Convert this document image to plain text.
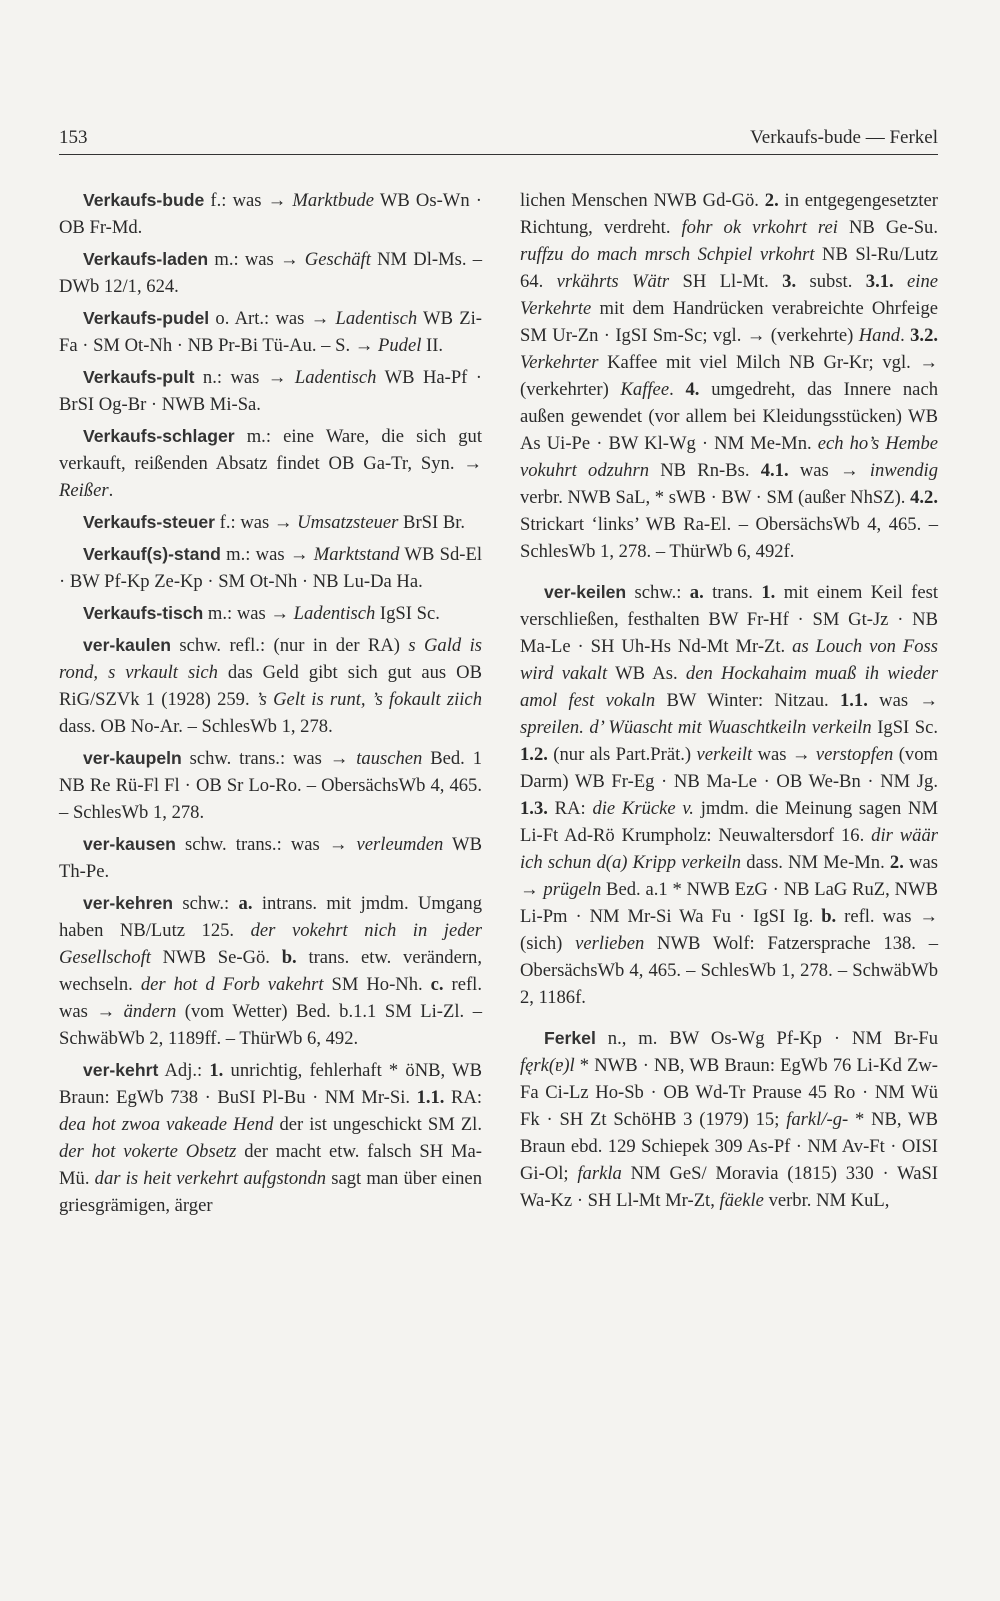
153	Verkaufs-bude — Ferkel

Verkaufs-bude f.: was → Marktbude WB Os-Wn · OB Fr-Md.

Verkaufs-laden m.: was → Geschäft NM Dl-Ms. – DWb 12/1, 624.

Verkaufs-pudel o. Art.: was → Ladentisch WB Zi-Fa · SM Ot-Nh · NB Pr-Bi Tü-Au. – S. → Pudel II.

Verkaufs-pult n.: was → Ladentisch WB Ha-Pf · BrSI Og-Br · NWB Mi-Sa.

Verkaufs-schlager m.: eine Ware, die sich gut verkauft, reißenden Absatz findet OB Ga-Tr, Syn. → Reißer.

Verkaufs-steuer f.: was → Umsatzsteuer BrSI Br.

Verkauf(s)-stand m.: was → Marktstand WB Sd-El · BW Pf-Kp Ze-Kp · SM Ot-Nh · NB Lu-Da Ha.

Verkaufs-tisch m.: was → Ladentisch IgSI Sc.

ver-kaulen schw. refl.: (nur in der RA) s Gald is rond, s vrkault sich das Geld gibt sich gut aus OB RiG/SZVk 1 (1928) 259. ’s Gelt is runt, ’s fokault ziich dass. OB No-Ar. – SchlesWb 1, 278.

ver-kaupeln schw. trans.: was → tauschen Bed. 1 NB Re Rü-Fl Fl · OB Sr Lo-Ro. – ObersächsWb 4, 465. – SchlesWb 1, 278.

ver-kausen schw. trans.: was → verleumden WB Th-Pe.

ver-kehren schw.: a. intrans. mit jmdm. Umgang haben NB/Lutz 125. der vokehrt nich in jeder Gesellschoft NWB Se-Gö. b. trans. etw. verändern, wechseln. der hot d Forb vakehrt SM Ho-Nh. c. refl. was → ändern (vom Wetter) Bed. b.1.1 SM Li-Zl. – SchwäbWb 2, 1189ff. – ThürWb 6, 492.

ver-kehrt Adj.: 1. unrichtig, fehlerhaft * öNB, WB Braun: EgWb 738 · BuSI Pl-Bu · NM Mr-Si. 1.1. RA: dea hot zwoa vakeade Hend der ist ungeschickt SM Zl. der hot vokerte Obsetz der macht etw. falsch SH Ma-Mü. dar is heit verkehrt aufgstondn sagt man über einen griesgrämigen, ärger

lichen Menschen NWB Gd-Gö. 2. in entgegengesetzter Richtung, verdreht. fohr ok vrkohrt rei NB Ge-Su. ruffzu do mach mrsch Schpiel vrkohrt NB Sl-Ru/Lutz 64. vrkährts Wätr SH Ll-Mt. 3. subst. 3.1. eine Verkehrte mit dem Handrücken verabreichte Ohrfeige SM Ur-Zn · IgSI Sm-Sc; vgl. → (verkehrte) Hand. 3.2. Verkehrter Kaffee mit viel Milch NB Gr-Kr; vgl. → (verkehrter) Kaffee. 4. umgedreht, das Innere nach außen gewendet (vor allem bei Kleidungsstücken) WB As Ui-Pe · BW Kl-Wg · NM Me-Mn. ech ho’s Hembe vokuhrt odzuhrn NB Rn-Bs. 4.1. was → inwendig verbr. NWB SaL, * sWB · BW · SM (außer NhSZ). 4.2. Strickart ‘links’ WB Ra-El. – ObersächsWb 4, 465. – SchlesWb 1, 278. – ThürWb 6, 492f.

ver-keilen schw.: a. trans. 1. mit einem Keil fest verschließen, festhalten BW Fr-Hf · SM Gt-Jz · NB Ma-Le · SH Uh-Hs Nd-Mt Mr-Zt. as Louch von Foss wird vakalt WB As. den Hockahaim muaß ih wieder amol fest vokaln BW Winter: Nitzau. 1.1. was → spreilen. d’ Wüascht mit Wuaschtkeiln verkeiln IgSI Sc. 1.2. (nur als Part.Prät.) verkeilt was → verstopfen (vom Darm) WB Fr-Eg · NB Ma-Le · OB We-Bn · NM Jg. 1.3. RA: die Krücke v. jmdm. die Meinung sagen NM Li-Ft Ad-Rö Krumpholz: Neuwaltersdorf 16. dir wäär ich schun d(a) Kripp verkeiln dass. NM Me-Mn. 2. was → prügeln Bed. a.1 * NWB EzG · NB LaG RuZ, NWB Li-Pm · NM Mr-Si Wa Fu · IgSI Ig. b. refl. was → (sich) verlieben NWB Wolf: Fatzersprache 138. – ObersächsWb 4, 465. – SchlesWb 1, 278. – SchwäbWb 2, 1186f.

Ferkel n., m. BW Os-Wg Pf-Kp · NM Br-Fu fęrk(ɐ)l * NWB · NB, WB Braun: EgWb 76 Li-Kd Zw-Fa Ci-Lz Ho-Sb · OB Wd-Tr Prause 45 Ro · NM Wü Fk · SH Zt SchöHB 3 (1979) 15; farkl/-g- * NB, WB Braun ebd. 129 Schiepek 309 As-Pf · NM Av-Ft · OISI Gi-Ol; farkla NM GeS/ Moravia (1815) 330 · WaSI Wa-Kz · SH Ll-Mt Mr-Zt, fäekle verbr. NM KuL,
